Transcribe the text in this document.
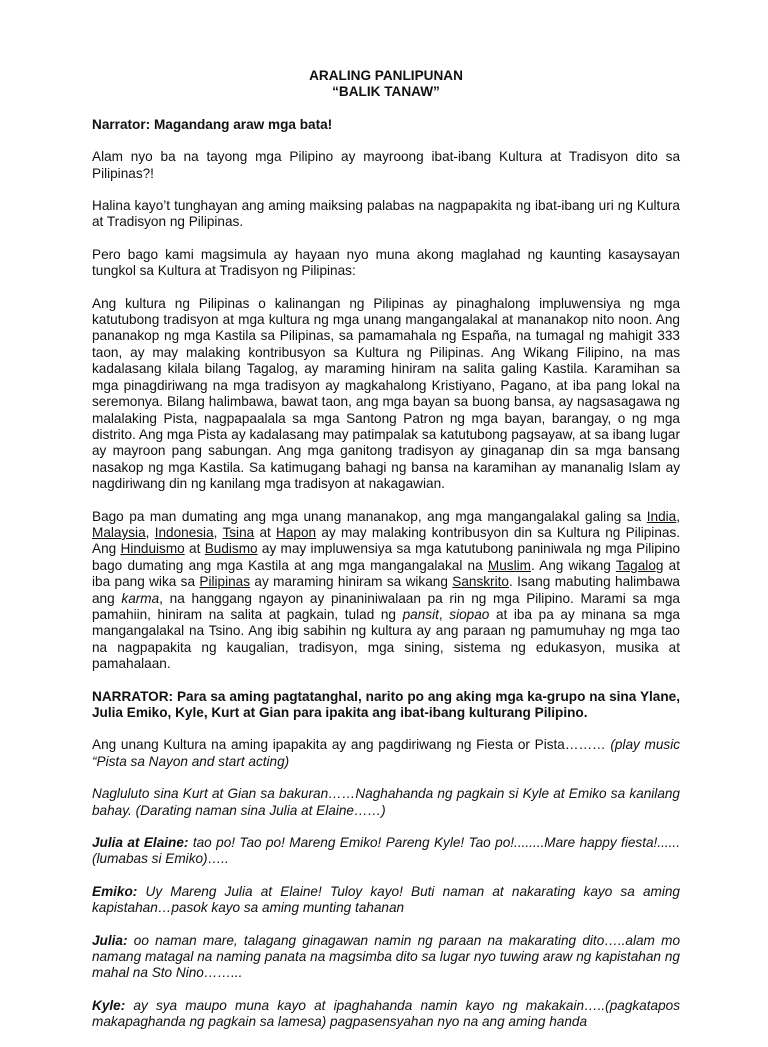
ARALING PANLIPUNAN

“BALIK TANAW”

Narrator: Magandang araw mga bata!

Alam nyo ba na tayong mga Pilipino ay mayroong ibat-ibang Kultura at Tradisyon dito sa Pilipinas?!

Halina kayo’t tunghayan ang aming maiksing palabas na nagpapakita ng ibat-ibang uri ng Kultura at Tradisyon ng Pilipinas.

Pero bago kami magsimula ay hayaan nyo muna akong maglahad ng kaunting kasaysayan tungkol sa Kultura at Tradisyon ng Pilipinas:

Ang kultura ng Pilipinas o kalinangan ng Pilipinas ay pinaghalong impluwensiya ng mga katutubong tradisyon at mga kultura ng mga unang mangangalakal at mananakop nito noon. Ang pananakop ng mga Kastila sa Pilipinas, sa pamamahala ng España, na tumagal ng mahigit 333 taon, ay may malaking kontribusyon sa Kultura ng Pilipinas. Ang Wikang Filipino, na mas kadalasang kilala bilang Tagalog, ay maraming hiniram na salita galing Kastila. Karamihan sa mga pinagdiriwang na mga tradisyon ay magkahalong Kristiyano, Pagano, at iba pang lokal na seremonya. Bilang halimbawa, bawat taon, ang mga bayan sa buong bansa, ay nagsasagawa ng malalaking Pista, nagpapaalala sa mga Santong Patron ng mga bayan, barangay, o ng mga distrito. Ang mga Pista ay kadalasang may patimpalak sa katutubong pagsayaw, at sa ibang lugar ay mayroon pang sabungan. Ang mga ganitong tradisyon ay ginaganap din sa mga bansang nasakop ng mga Kastila. Sa katimugang bahagi ng bansa na karamihan ay mananalig Islam ay nagdiriwang din ng kanilang mga tradisyon at nakagawian.

Bago pa man dumating ang mga unang mananakop, ang mga mangangalakal galing sa India, Malaysia, Indonesia, Tsina at Hapon ay may malaking kontribusyon din sa Kultura ng Pilipinas. Ang Hinduismo at Budismo ay may impluwensiya sa mga katutubong paniniwala ng mga Pilipino bago dumating ang mga Kastila at ang mga mangangalakal na Muslim. Ang wikang Tagalog at iba pang wika sa Pilipinas ay maraming hiniram sa wikang Sanskrito. Isang mabuting halimbawa ang karma, na hanggang ngayon ay pinaniniwalaan pa rin ng mga Pilipino. Marami sa mga pamahiin, hiniram na salita at pagkain, tulad ng pansit, siopao at iba pa ay minana sa mga mangangalakal na Tsino. Ang ibig sabihin ng kultura ay ang paraan ng pamumuhay ng mga tao na nagpapakita ng kaugalian, tradisyon, mga sining, sistema ng edukasyon, musika at pamahalaan.

NARRATOR: Para sa aming pagtatanghal, narito po ang aking mga ka-grupo na sina Ylane, Julia Emiko, Kyle, Kurt at Gian para ipakita ang ibat-ibang kulturang Pilipino.

Ang unang Kultura na aming ipapakita ay ang pagdiriwang ng Fiesta or Pista……… (play music “Pista sa Nayon and start acting)

Nagluluto sina Kurt at Gian sa bakuran……Naghahanda ng pagkain si Kyle at Emiko sa kanilang bahay. (Darating naman sina Julia at Elaine……)

Julia at Elaine: tao po! Tao po! Mareng Emiko! Pareng Kyle! Tao po!........Mare happy fiesta!......(lumabas si Emiko)…..

Emiko: Uy Mareng Julia at Elaine! Tuloy kayo! Buti naman at nakarating kayo sa aming kapistahan…pasok kayo sa aming munting tahanan

Julia: oo naman mare, talagang ginagawan namin ng paraan na makarating dito…..alam mo namang matagal na naming panata na magsimba dito sa lugar nyo tuwing araw ng kapistahan ng mahal na Sto Nino……...

Kyle: ay sya maupo muna kayo at ipaghahanda namin kayo ng makakain…..(pagkatapos makapaghanda ng pagkain sa lamesa) pagpasensyahan nyo na ang aming handa
